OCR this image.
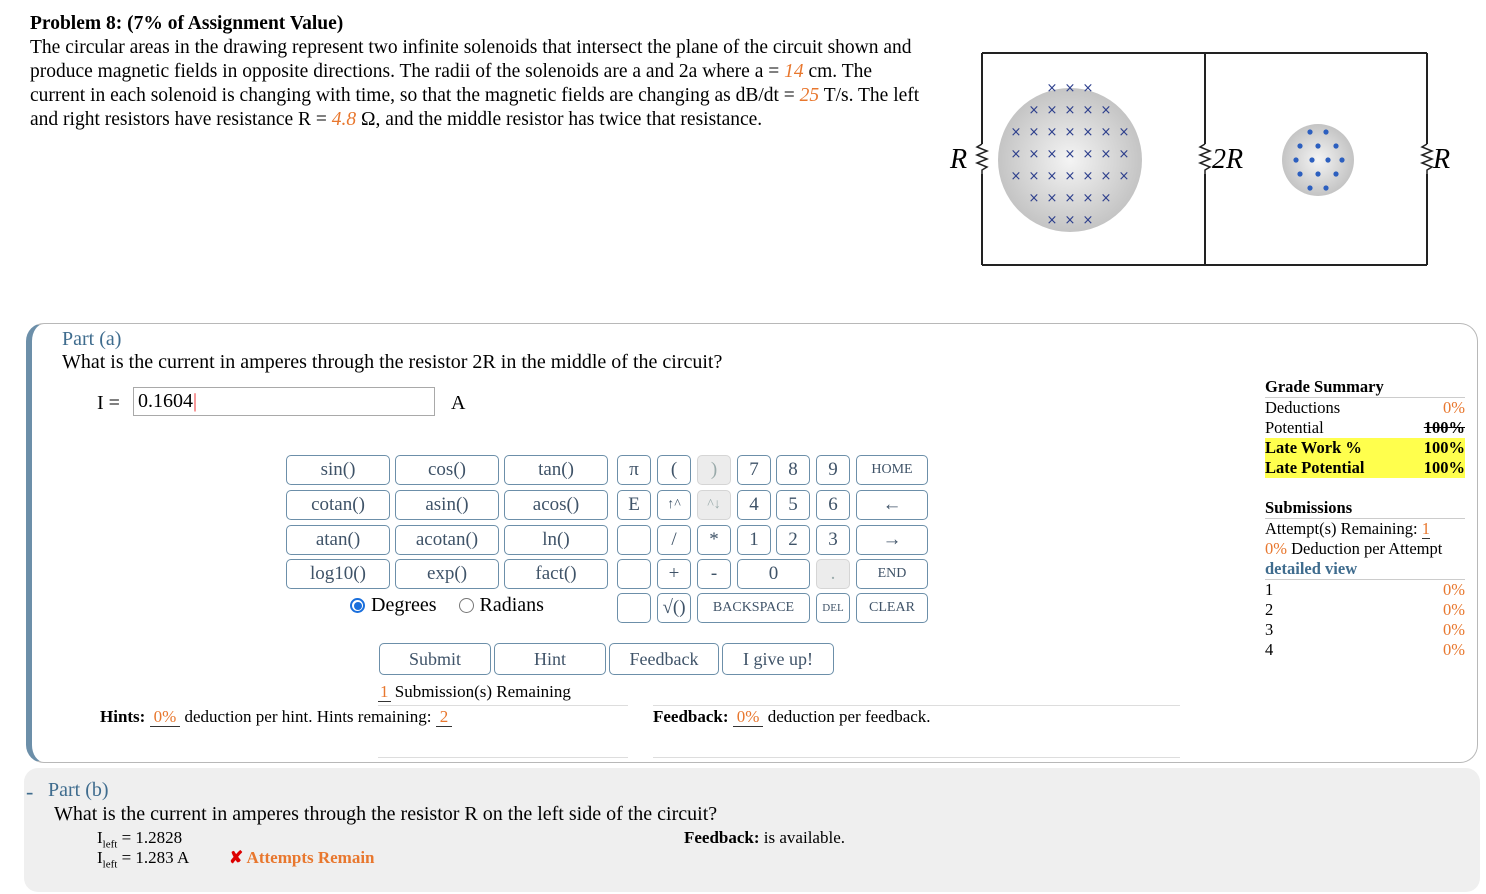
Problem 8: (7% of Assignment Value)
The circular areas in the drawing represent two infinite solenoids that intersect the plane of the circuit shown and produce magnetic fields in opposite directions. The radii of the solenoids are a and 2a where a = 14 cm. The current in each solenoid is changing with time, so that the magnetic fields are changing as dB/dt = 25 T/s. The left and right resistors have resistance R = 4.8 Ω, and the middle resistor has twice that resistance.
R	2R	R
× × ×
× × × × ×
× × × × × × ×
× × × × × × ×
× × × × × × ×
× × × × ×
× × ×
Part (a)
What is the current in amperes through the resistor 2R in the middle of the circuit?
I = 0.1604|	A
sin()	cos()	tan()
cotan()	asin()	acos()
atan()	acotan()	ln()
log10()	exp()	fact()
π	(	)	7	8	9	HOME
E	↑^	^↓	4	5	6	←
/	*	1	2	3	→
+	-	0	.	END
√()	BACKSPACE	DEL	CLEAR
Degrees Radians
Submit	Hint	Feedback	I give up!
1 Submission(s) Remaining
Hints: 0% deduction per hint. Hints remaining: 2	Feedback: 0% deduction per feedback.
Grade Summary
Deductions	0%
Potential	100%
Late Work %	100%
Late Potential	100%
Submissions
Attempt(s) Remaining: 1
0% Deduction per Attempt
detailed view
1	0%
2	0%
3	0%
4	0%
- Part (b)
What is the current in amperes through the resistor R on the left side of the circuit?
$I_{left} = 1.2828$
$I_{left} = 1.283$ A ✘ Attempts Remain
Feedback: is available.
